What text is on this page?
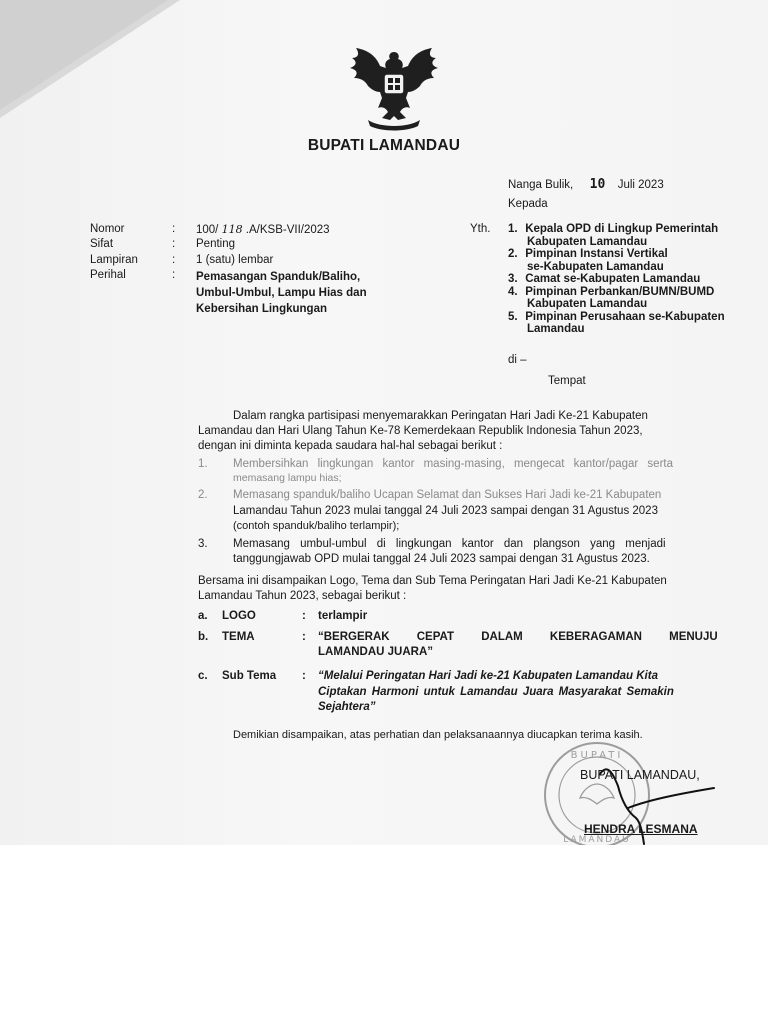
BUPATI LAMANDAU
Nanga Bulik, 10 Juli 2023
Kepada
Nomor	: 100/ 118 .A/KSB-VII/2023
Sifat	: Penting
Lampiran	: 1 (satu) lembar
Perihal	: Pemasangan Spanduk/Baliho,
Umbul-Umbul, Lampu Hias dan
Kebersihan Lingkungan
Yth. 1. Kepala OPD di Lingkup Pemerintah
Kabupaten Lamandau
2. Pimpinan Instansi Vertikal
se-Kabupaten Lamandau
3. Camat se-Kabupaten Lamandau
4. Pimpinan Perbankan/BUMN/BUMD
Kabupaten Lamandau
5. Pimpinan Perusahaan se-Kabupaten
Lamandau
di –
Tempat
Dalam rangka partisipasi menyemarakkan Peringatan Hari Jadi Ke-21 Kabupaten
Lamandau dan Hari Ulang Tahun Ke-78 Kemerdekaan Republik Indonesia Tahun 2023,
dengan ini diminta kepada saudara hal-hal sebagai berikut :
1. Membersihkan lingkungan kantor masing-masing, mengecat kantor/pagar serta
memasang lampu hias;
2. Memasang spanduk/baliho Ucapan Selamat dan Sukses Hari Jadi ke-21 Kabupaten
Lamandau Tahun 2023 mulai tanggal 24 Juli 2023 sampai dengan 31 Agustus 2023
(contoh spanduk/baliho terlampir);
3. Memasang umbul-umbul di lingkungan kantor dan plangson yang menjadi
tanggungjawab OPD mulai tanggal 24 Juli 2023 sampai dengan 31 Agustus 2023.
Bersama ini disampaikan Logo, Tema dan Sub Tema Peringatan Hari Jadi Ke-21 Kabupaten
Lamandau Tahun 2023, sebagai berikut :
a. LOGO	: terlampir
b. TEMA	: “BERGERAK CEPAT DALAM KEBERAGAMAN MENUJU
LAMANDAU JUARA”
c. Sub Tema : “Melalui Peringatan Hari Jadi ke-21 Kabupaten Lamandau Kita
Ciptakan Harmoni untuk Lamandau Juara Masyarakat Semakin
Sejahtera”
Demikian disampaikan, atas perhatian dan pelaksanaannya diucapkan terima kasih.
BUPATI
LAMANDAU
BUPATI LAMANDAU,
HENDRA LESMANA
